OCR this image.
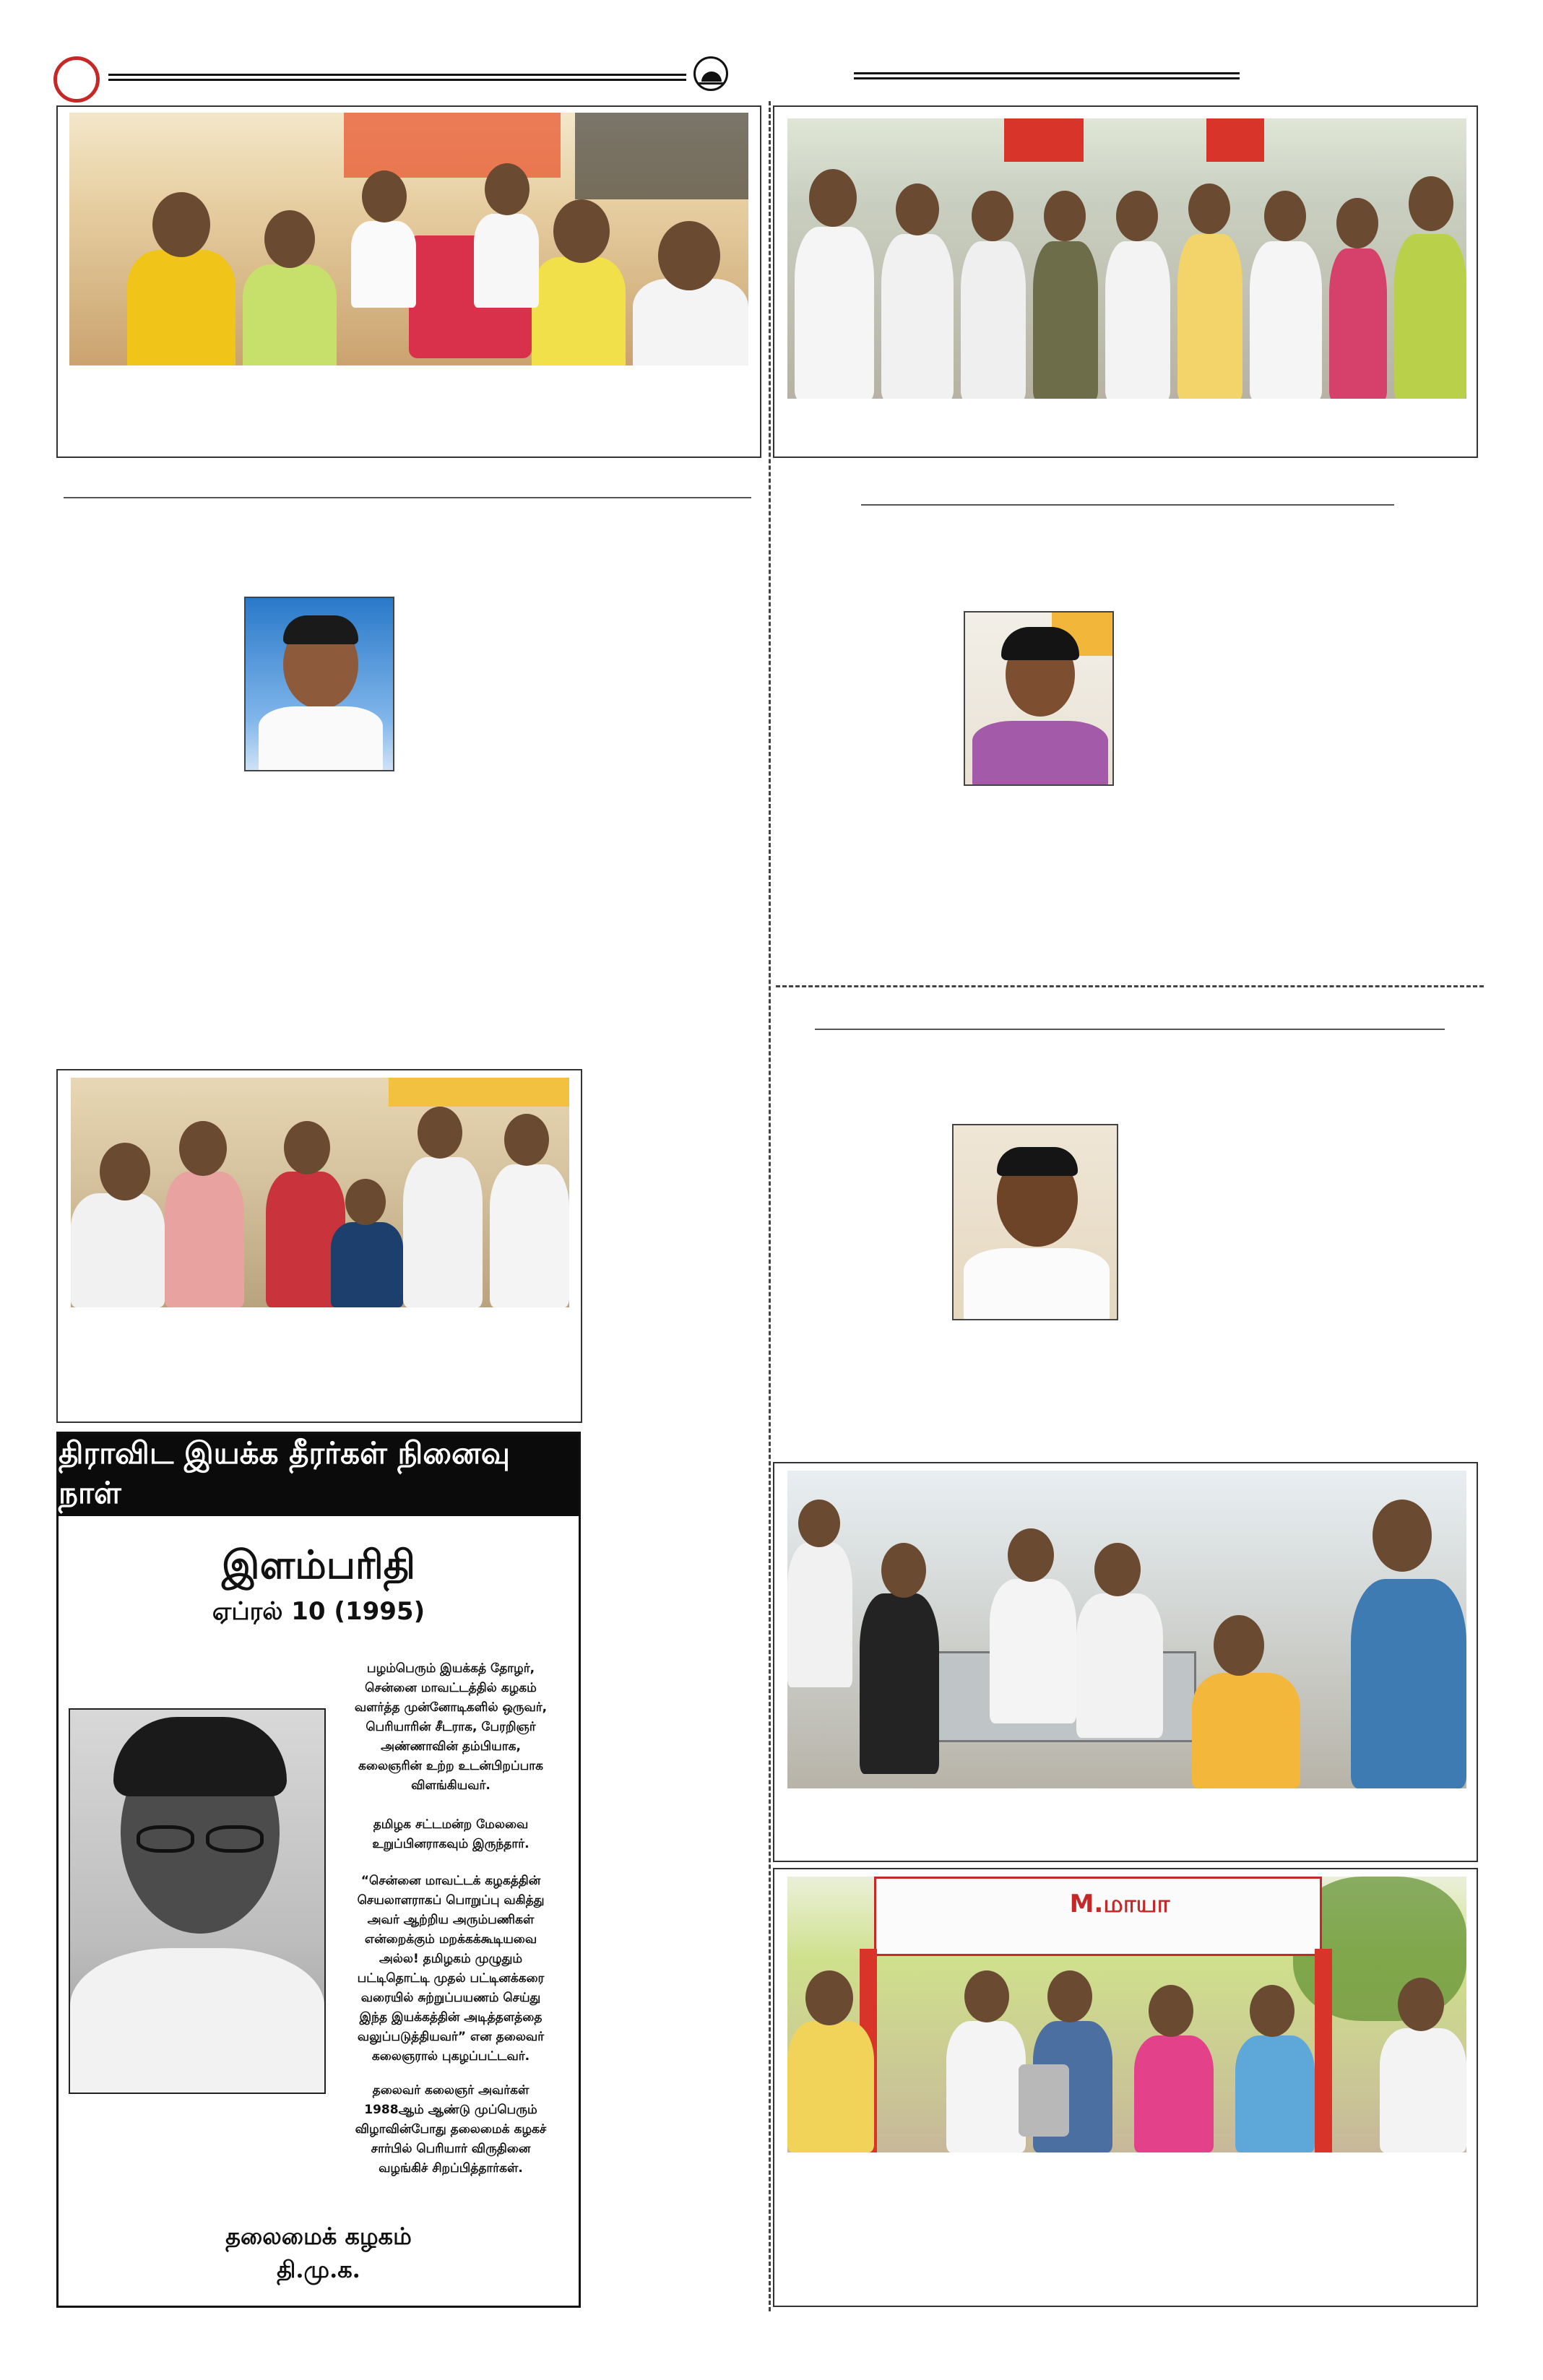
திராவிட இயக்க தீரர்கள் நினைவு நாள்
இளம்பரிதி
ஏப்ரல் 10 (1995)
பழம்பெரும் இயக்கத் தோழர்,
சென்னை மாவட்டத்தில் கழகம்
வளர்த்த முன்னோடிகளில் ஒருவர்,
பெரியாரின் சீடராக, பேரறிஞர்
அண்ணாவின் தம்பியாக,
கலைஞரின் உற்ற உடன்பிறப்பாக
விளங்கியவர்.
தமிழக சட்டமன்ற மேலவை
உறுப்பினராகவும் இருந்தார்.
“சென்னை மாவட்டக் கழகத்தின்
செயலாளராகப் பொறுப்பு வகித்து
அவர் ஆற்றிய அரும்பணிகள்
என்றைக்கும் மறக்கக்கூடியவை
அல்ல! தமிழகம் முழுதும்
பட்டிதொட்டி முதல் பட்டினக்கரை
வரையில் சுற்றுப்பயணம் செய்து
இந்த இயக்கத்தின் அடித்தளத்தை
வலுப்படுத்தியவர்” என தலைவர்
கலைஞரால் புகழப்பட்டவர்.
தலைவர் கலைஞர் அவர்கள்
1988ஆம் ஆண்டு முப்பெரும்
விழாவின்போது தலைமைக் கழகச்
சார்பில் பெரியார் விருதினை
வழங்கிச் சிறப்பித்தார்கள்.
தலைமைக் கழகம்
தி.மு.க.
M.மாயா
